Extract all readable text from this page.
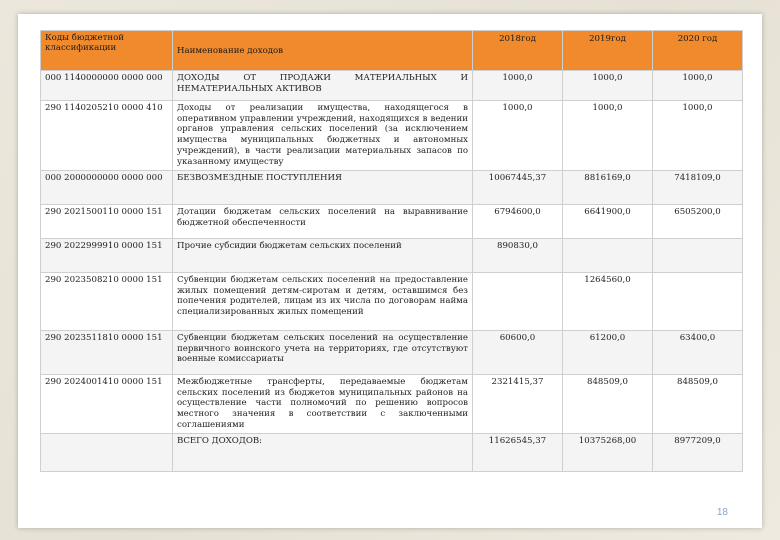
Коды бюджетной классификации	Наименование доходов	2018год	2019год	2020 год
000 1140000000 0000 000	ДОХОДЫ ОТ ПРОДАЖИ МАТЕРИАЛЬНЫХ И НЕМАТЕРИАЛЬНЫХ АКТИВОВ	1000,0	1000,0	1000,0
290 1140205210 0000 410	Доходы от реализации имущества, находящегося в оперативном управлении учреждений, находящихся в ведении органов управления сельских поселений (за исключением имущества муниципальных бюджетных и автономных учреждений), в части реализации материальных запасов по указанному имуществу	1000,0	1000,0	1000,0
000 2000000000 0000 000	БЕЗВОЗМЕЗДНЫЕ ПОСТУПЛЕНИЯ	10067445,37	8816169,0	7418109,0
290 2021500110 0000 151	Дотации бюджетам сельских поселений на выравнивание бюджетной обеспеченности	6794600,0	6641900,0	6505200,0
290 2022999910 0000 151	Прочие субсидии бюджетам сельских поселений	890830,0		
290 2023508210 0000 151	Субвенции бюджетам сельских поселений на предоставление жилых помещений детям-сиротам и детям, оставшимся без попечения родителей, лицам из их числа по договорам найма специализированных жилых помещений		1264560,0	
290 2023511810 0000 151	Субвенции бюджетам сельских поселений на осуществление первичного воинского учета на территориях, где отсутствуют военные комиссариаты	60600,0	61200,0	63400,0
290 2024001410 0000 151	Межбюджетные трансферты, передаваемые бюджетам сельских поселений из бюджетов муниципальных районов на осуществление части полномочий по решению вопросов местного значения в соответствии с заключенными соглашениями	2321415,37	848509,0	848509,0
	ВСЕГО ДОХОДОВ:	11626545,37	10375268,00	8977209,0
18
